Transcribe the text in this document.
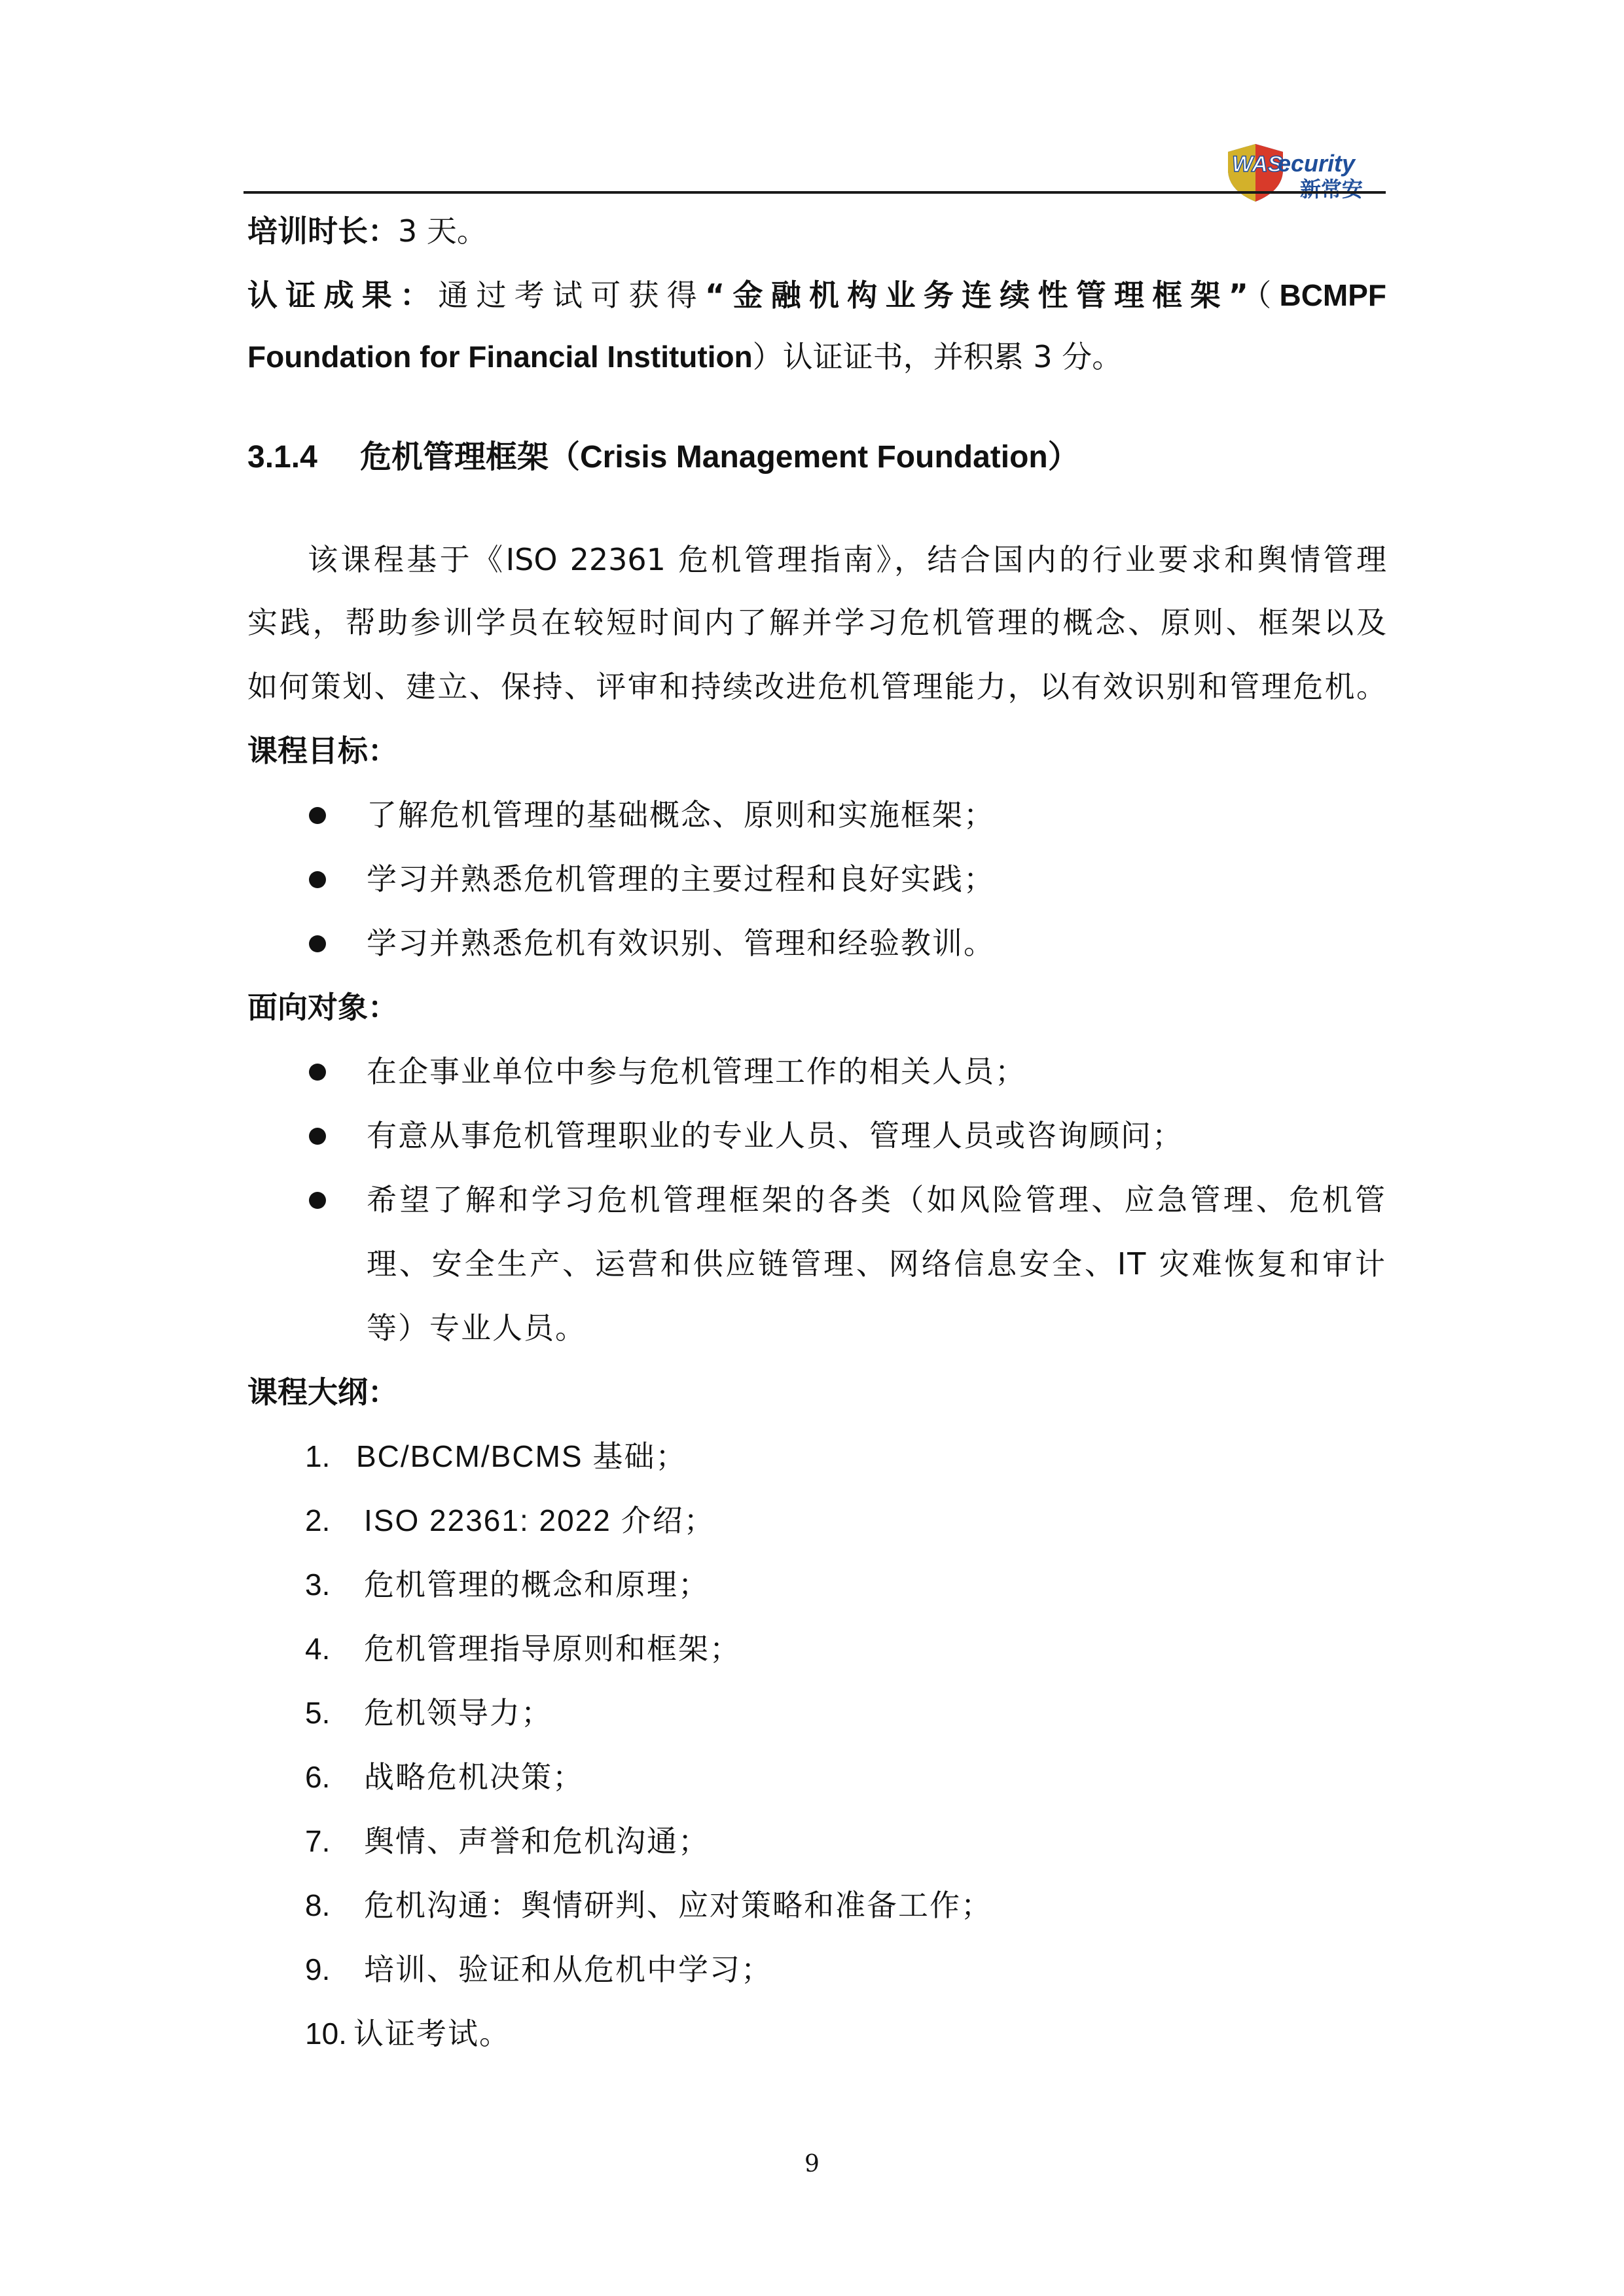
WAS
ecurity
新常安
培训时长：3 天。
认证成果：通过考试可获得“金融机构业务连续性管理框架”（BCMPF
Foundation for Financial Institution）认证证书，并积累 3 分。
3.1.4 危机管理框架（Crisis Management Foundation）
该课程基于《ISO 22361 危机管理指南》，结合国内的行业要求和舆情管理
实践，帮助参训学员在较短时间内了解并学习危机管理的概念、原则、框架以及
如何策划、建立、保持、评审和持续改进危机管理能力，以有效识别和管理危机。
课程目标：
了解危机管理的基础概念、原则和实施框架；
学习并熟悉危机管理的主要过程和良好实践；
学习并熟悉危机有效识别、管理和经验教训。
面向对象：
在企事业单位中参与危机管理工作的相关人员；
有意从事危机管理职业的专业人员、管理人员或咨询顾问；
希望了解和学习危机管理框架的各类（如风险管理、应急管理、危机管
理、安全生产、运营和供应链管理、网络信息安全、IT 灾难恢复和审计
等）专业人员。
课程大纲：
1. BC/BCM/BCMS 基础；
2. ISO 22361: 2022 介绍；
3. 危机管理的概念和原理；
4. 危机管理指导原则和框架；
5. 危机领导力；
6. 战略危机决策；
7. 舆情、声誉和危机沟通；
8. 危机沟通：舆情研判、应对策略和准备工作；
9. 培训、验证和从危机中学习；
10. 认证考试。
9
